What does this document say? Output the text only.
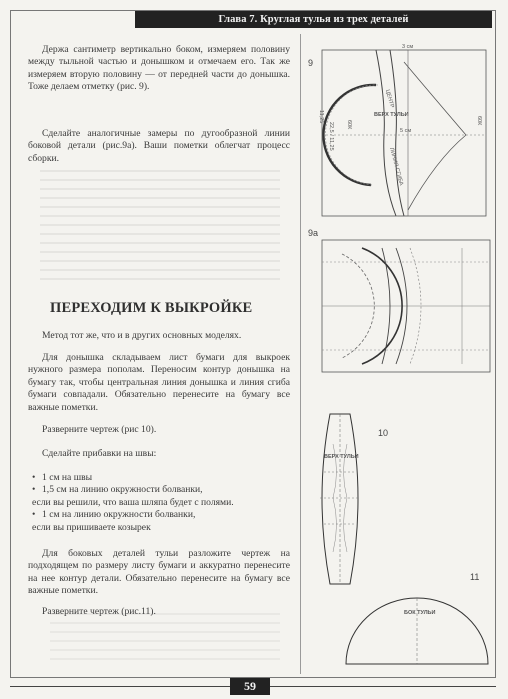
Глава 7. Круглая тулья из трех деталей

Держа сантиметр вертикально боком, измеряем половину между тыльной частью и донышком и отмечаем его. Так же измеряем вторую половину — от передней части до донышка. Тоже делаем отметку (рис. 9).

Сделайте аналогичные замеры по дугообразной линии боковой детали (рис.9а). Ваши пометки облегчат процесс сборки.

ПЕРЕХОДИМ К ВЫКРОЙКЕ

Метод тот же, что и в других основных моделях.

Для донышка складываем лист бумаги для выкроек нужного размера пополам. Переносим контур донышка на бумагу так, чтобы центральная линия донышка и линия сгиба бумаги совпадали. Обязательно перенесите на бумагу все важные пометки.

Разверните чертеж (рис 10).

Сделайте прибавки на швы:

• 1 см на швы

• 1,5 см на линию окружности болванки,

если вы решили, что ваша шляпа будет с полями.

• 1 см на линию окружности болванки,

если вы пришиваете козырек

Для боковых деталей тульи разложите чертеж на подходящем по размеру листу бумаги и аккуратно перенесите на нее контур детали. Обязательно перенесите на бумагу все важные пометки.

Разверните чертеж (рис.11).

9
3 см
5 см
ЦЕНТР
ВЕРХ ТУЛЬИ
ЛИНИЯ СГИБА
11,25
22,5 / 11,25 60К	60К
9а
10
ВЕРХ ТУЛЬИ
11
БОК ТУЛЬИ
59
